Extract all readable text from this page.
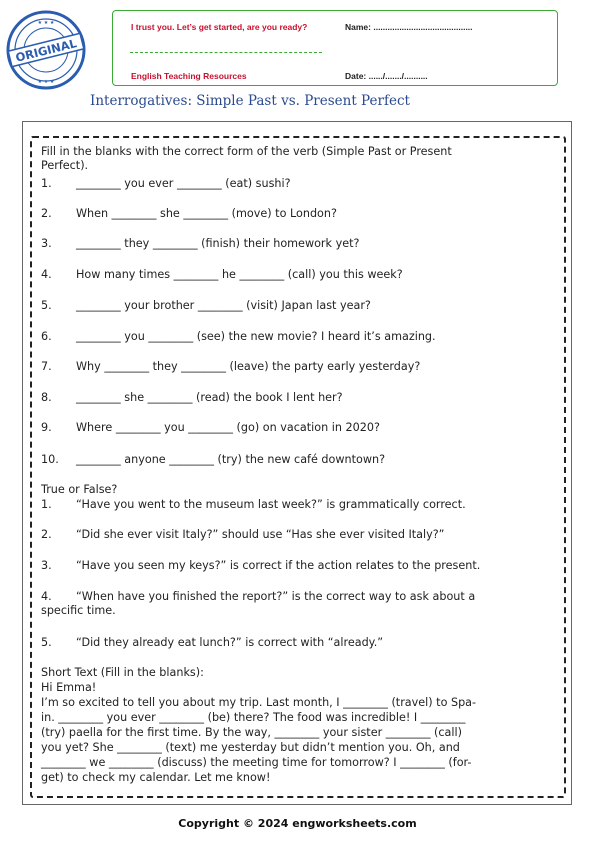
★ ★ ★
★ ★ ★
ORIGINAL
I trust you. Let’s get started, are you ready?	Name: ..........................................
English Teaching Resources	Date: ....../......./..........
Interrogatives: Simple Past vs. Present Perfect
Fill in the blanks with the correct form of the verb (Simple Past or Present
Perfect).
1. ________ you ever ________ (eat) sushi?
2. When ________ she ________ (move) to London?
3. ________ they ________ (finish) their homework yet?
4. How many times ________ he ________ (call) you this week?
5. ________ your brother ________ (visit) Japan last year?
6. ________ you ________ (see) the new movie? I heard it’s amazing.
7. Why ________ they ________ (leave) the party early yesterday?
8. ________ she ________ (read) the book I lent her?
9. Where ________ you ________ (go) on vacation in 2020?
10. ________ anyone ________ (try) the new café downtown?
True or False?
1. “Have you went to the museum last week?” is grammatically correct.
2. “Did she ever visit Italy?” should use “Has she ever visited Italy?”
3. “Have you seen my keys?” is correct if the action relates to the present.
4. “When have you finished the report?” is the correct way to ask about a
specific time.
5. “Did they already eat lunch?” is correct with “already.”
Short Text (Fill in the blanks):
Hi Emma!
I’m so excited to tell you about my trip. Last month, I ________ (travel) to Spa-
in. ________ you ever ________ (be) there? The food was incredible! I ________
(try) paella for the first time. By the way, ________ your sister ________ (call)
you yet? She ________ (text) me yesterday but didn’t mention you. Oh, and
________ we ________ (discuss) the meeting time for tomorrow? I ________ (for-
get) to check my calendar. Let me know!
Copyright © 2024 engworksheets.com
